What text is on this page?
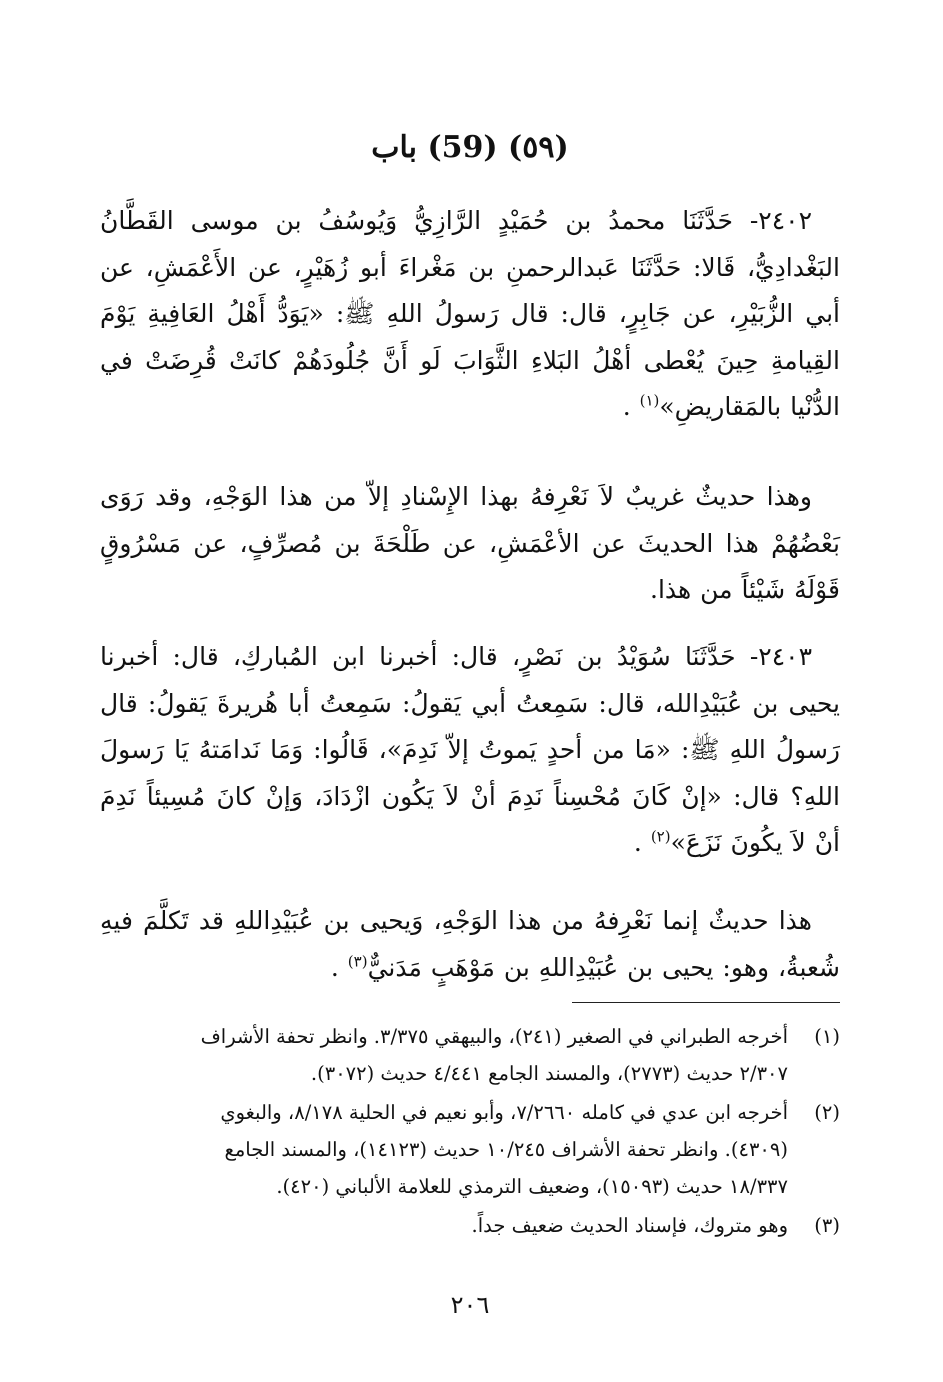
(٥٩) (59) باب

٢٤٠٢- حَدَّثَنَا محمدُ بن حُمَيْدٍ الرَّازِيُّ وَيُوسُفُ بن موسى القَطَّانُ البَغْدادِيُّ، قَالا: حَدَّثَنَا عَبدالرحمنِ بن مَغْراءَ أبو زُهَيْرٍ، عن الأَعْمَشِ، عن أبي الزُّبَيْرِ، عن جَابِرٍ، قال: قال رَسولُ اللهِ ﷺ: «يَوَدُّ أَهْلُ العَافِيةِ يَوْمَ القِيامةِ حِينَ يُعْطى أهْلُ البَلاءِ الثَّوَابَ لَو أَنَّ جُلُودَهُمْ كانَتْ قُرِضَتْ في الدُّنْيا بالمَقاريضِ»$^{(١)}$ .

وهذا حديثٌ غريبٌ لاَ نَعْرِفهُ بهذا الإِسْنادِ إلاّ من هذا الوَجْهِ، وقد رَوَى بَعْضُهُمْ هذا الحديثَ عن الأعْمَشِ، عن طَلْحَةَ بن مُصرِّفٍ، عن مَسْرُوقٍ قَوْلَهُ شَيْئاً من هذا.

٢٤٠٣- حَدَّثَنَا سُوَيْدُ بن نَصْرٍ، قال: أخبرنا ابن المُباركِ، قال: أخبرنا يحيى بن عُبَيْدِالله، قال: سَمِعتُ أبي يَقولُ: سَمِعتُ أبا هُريرةَ يَقولُ: قال رَسولُ اللهِ ﷺ: «مَا من أحدٍ يَموتُ إلاّ نَدِمَ»، قَالُوا: وَمَا نَدامَتهُ يَا رَسولَ اللهِ؟ قال: «إنْ كَانَ مُحْسِناً نَدِمَ أنْ لاَ يَكُون ازْدَادَ، وَإنْ كانَ مُسِيئاً نَدِمَ أنْ لاَ يكُونَ نَزَعَ»$^{(٢)}$ .

هذا حديثٌ إنما نَعْرِفهُ من هذا الوَجْهِ، وَيحيى بن عُبَيْدِاللهِ قد تَكلَّمَ فيهِ شُعبةُ، وهو: يحيى بن عُبَيْدِاللهِ بن مَوْهَبٍ مَدَنيٌّ$^{(٣)}$ .

(١)
أخرجه الطبراني في الصغير (٢٤١)، والبيهقي ٣/٣٧٥. وانظر تحفة الأشراف
٢/٣٠٧ حديث (٢٧٧٣)، والمسند الجامع ٤/٤٤١ حديث (٣٠٧٢).
(٢)
أخرجه ابن عدي في كامله ٧/٢٦٦٠، وأبو نعيم في الحلية ٨/١٧٨، والبغوي
(٤٣٠٩). وانظر تحفة الأشراف ١٠/٢٤٥ حديث (١٤١٢٣)، والمسند الجامع
١٨/٣٣٧ حديث (١٥٠٩٣)، وضعيف الترمذي للعلامة الألباني (٤٢٠).
(٣)
وهو متروك، فإسناد الحديث ضعيف جداً.
٢٠٦
